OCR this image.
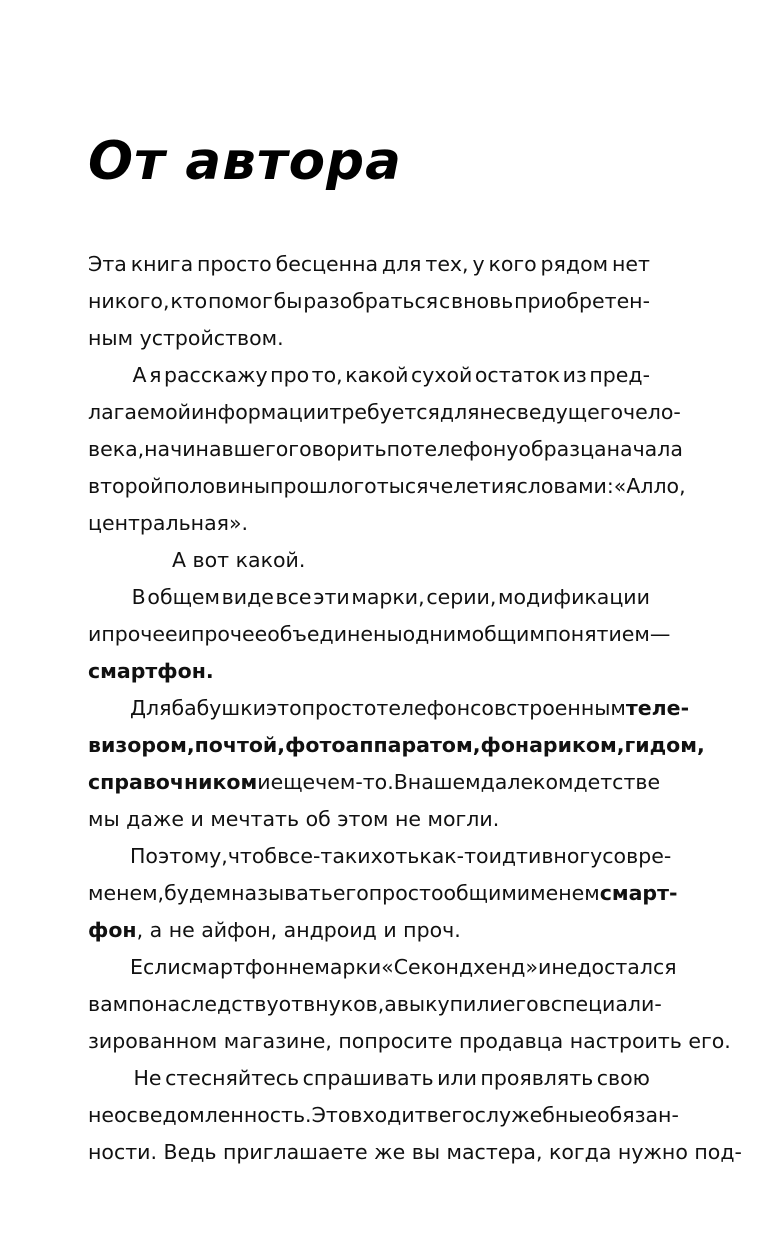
От автора

Эта книга просто бесценна для тех, у кого рядом нет
никого, кто помог бы разобраться с вновь приобретен-
ным устройством.

А я расскажу про то, какой сухой остаток из пред-
лагаемой информации требуется для несведущего чело-
века, начинавшего говорить по телефону образца начала
второй половины прошлого тысячелетия словами: «Алло,
центральная».

А вот какой.

В общем виде все эти марки, серии, модификации
и прочее и прочее объединены одним общим понятием —
смартфон.

Для бабушки это просто телефон со встроенным теле-
визором, почтой, фотоаппаратом, фонариком, гидом,
справочником и еще чем-то. В нашем далеком детстве
мы даже и мечтать об этом не могли.

Поэтому, чтоб все-таки хоть как-то идти в ногу со вре-
менем, будем называть его просто общим именем смарт-
фон, а не айфон, андроид и проч.

Если смартфон не марки «Секонд хенд» и не достался
вам по наследству от внуков, а вы купили его в специали-
зированном магазине, попросите продавца настроить его.

Не стесняйтесь спрашивать или проявлять свою
неосведомленность. Это входит в его служебные обязан-
ности. Ведь приглашаете же вы мастера, когда нужно под-
